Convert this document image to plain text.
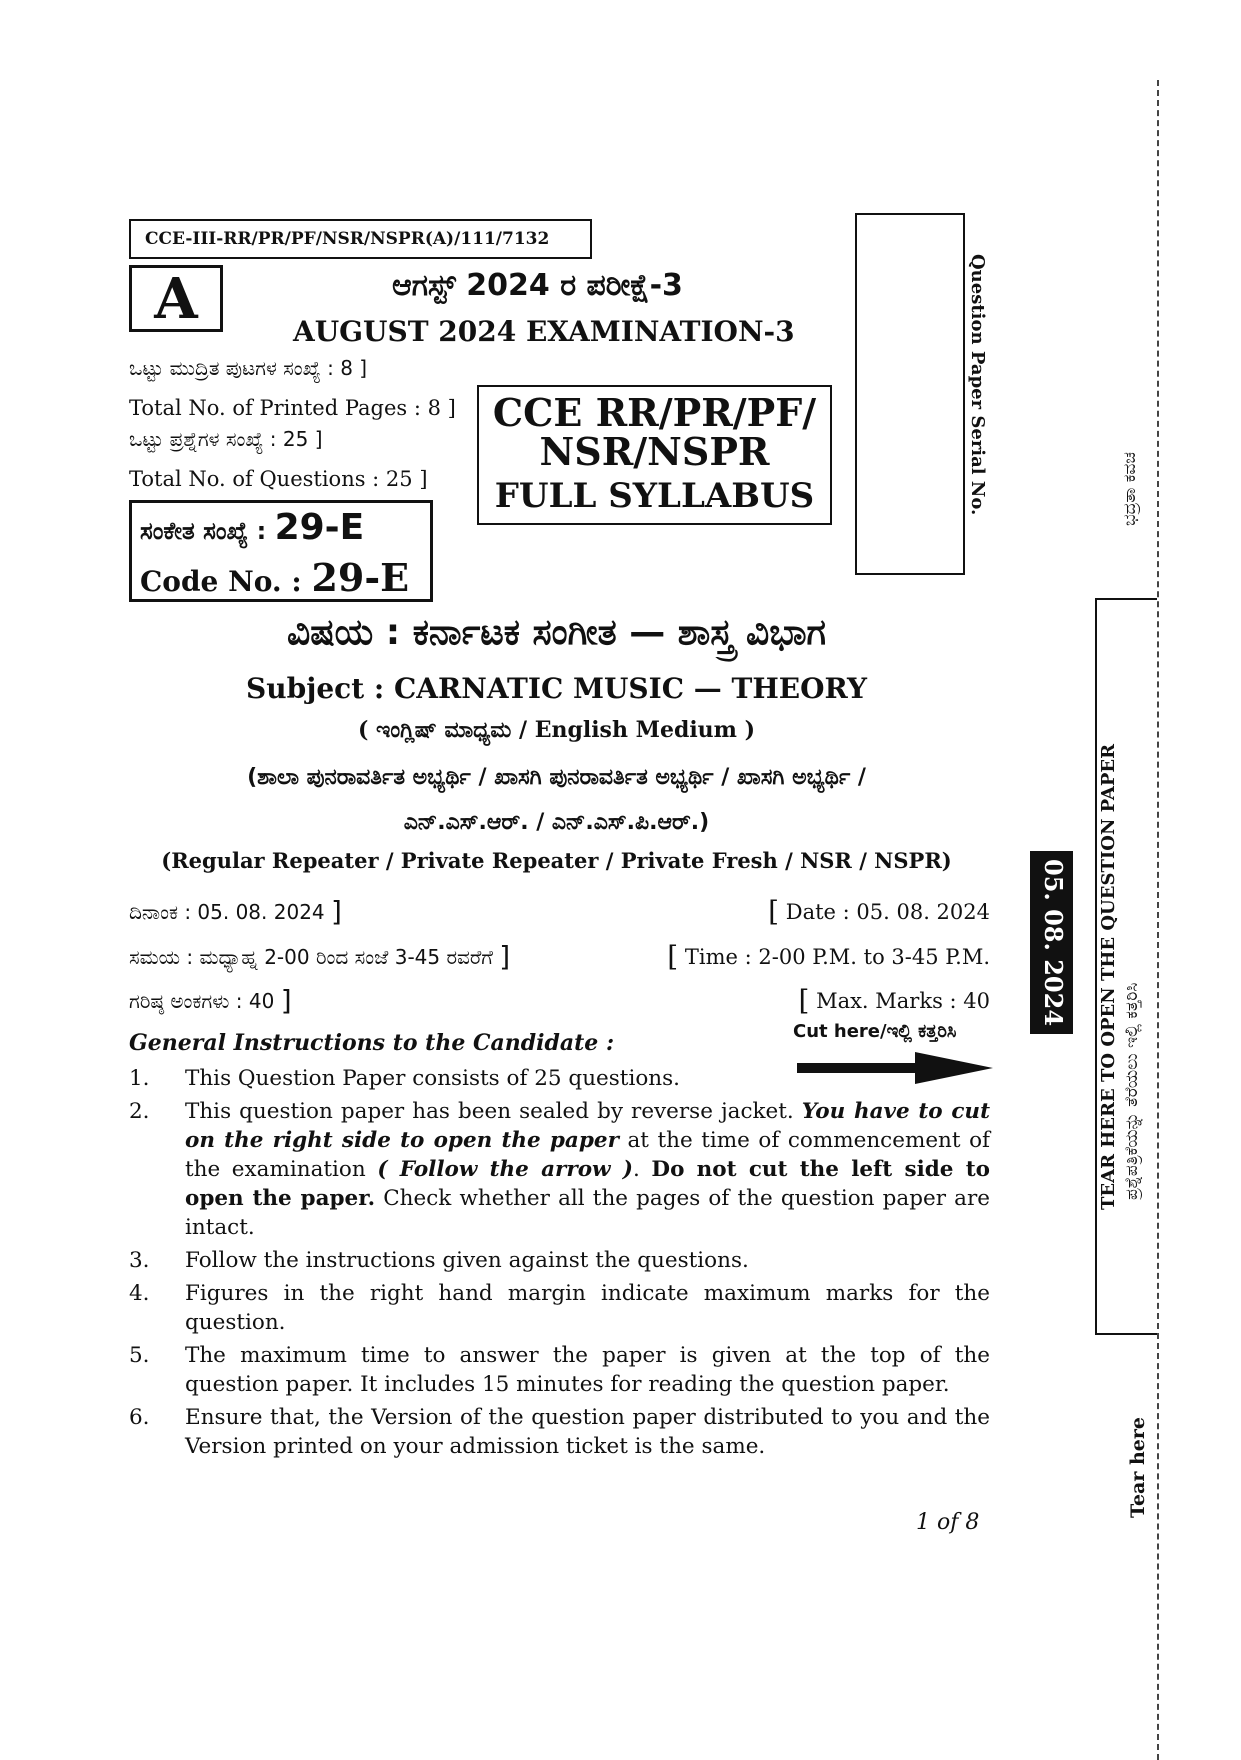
CCE-III-RR/PR/PF/NSR/NSPR(A)/111/7132
A	ಆಗಸ್ಟ್ 2024 ರ ಪರೀಕ್ಷೆ-3
AUGUST 2024 EXAMINATION-3
ಒಟ್ಟು ಮುದ್ರಿತ ಪುಟಗಳ ಸಂಖ್ಯೆ : 8 ]
Total No. of Printed Pages : 8 ]
ಒಟ್ಟು ಪ್ರಶ್ನೆಗಳ ಸಂಖ್ಯೆ : 25 ]
Total No. of Questions : 25 ]
ಸಂಕೇತ ಸಂಖ್ಯೆ : 29-E
Code No. : 29-E
CCE RR/PR/PF/
NSR/NSPR
FULL SYLLABUS	Question Paper Serial No.	ಭದ್ರತಾ ಕವಚ
TEAR HERE TO OPEN THE QUESTION PAPER ಪ್ರಶ್ನೆಪತ್ರಿಕೆಯನ್ನು ತೆರೆಯಲು ಇಲ್ಲಿ ಕತ್ತರಿಸಿ
05. 08. 2024
Tear here
ವಿಷಯ : ಕರ್ನಾಟಕ ಸಂಗೀತ — ಶಾಸ್ತ್ರ ವಿಭಾಗ
Subject : CARNATIC MUSIC — THEORY
( ಇಂಗ್ಲಿಷ್ ಮಾಧ್ಯಮ / English Medium )
(ಶಾಲಾ ಪುನರಾವರ್ತಿತ ಅಭ್ಯರ್ಥಿ / ಖಾಸಗಿ ಪುನರಾವರ್ತಿತ ಅಭ್ಯರ್ಥಿ / ಖಾಸಗಿ ಅಭ್ಯರ್ಥಿ /
ಎನ್.ಎಸ್.ಆರ್. / ಎನ್.ಎಸ್.ಪಿ.ಆರ್.)
(Regular Repeater / Private Repeater / Private Fresh / NSR / NSPR)
ದಿನಾಂಕ : 05. 08. 2024 ]	[ Date : 05. 08. 2024
ಸಮಯ : ಮಧ್ಯಾಹ್ನ 2-00 ರಿಂದ ಸಂಜೆ 3-45 ರವರೆಗೆ ]	[ Time : 2-00 P.M. to 3-45 P.M.
ಗರಿಷ್ಠ ಅಂಕಗಳು : 40 ]	[ Max. Marks : 40
Cut here/ಇಲ್ಲಿ ಕತ್ತರಿಸಿ
General Instructions to the Candidate :
1.	This Question Paper consists of 25 questions.
2.	This question paper has been sealed by reverse jacket. You have to cut on the right side to open the paper at the time of commencement of the examination ( Follow the arrow ). Do not cut the left side to open the paper. Check whether all the pages of the question paper are intact.
3.	Follow the instructions given against the questions.
4.	Figures in the right hand margin indicate maximum marks for the question.
5.	The maximum time to answer the paper is given at the top of the question paper. It includes 15 minutes for reading the question paper.
6.	Ensure that, the Version of the question paper distributed to you and the Version printed on your admission ticket is the same.
1 of 8
